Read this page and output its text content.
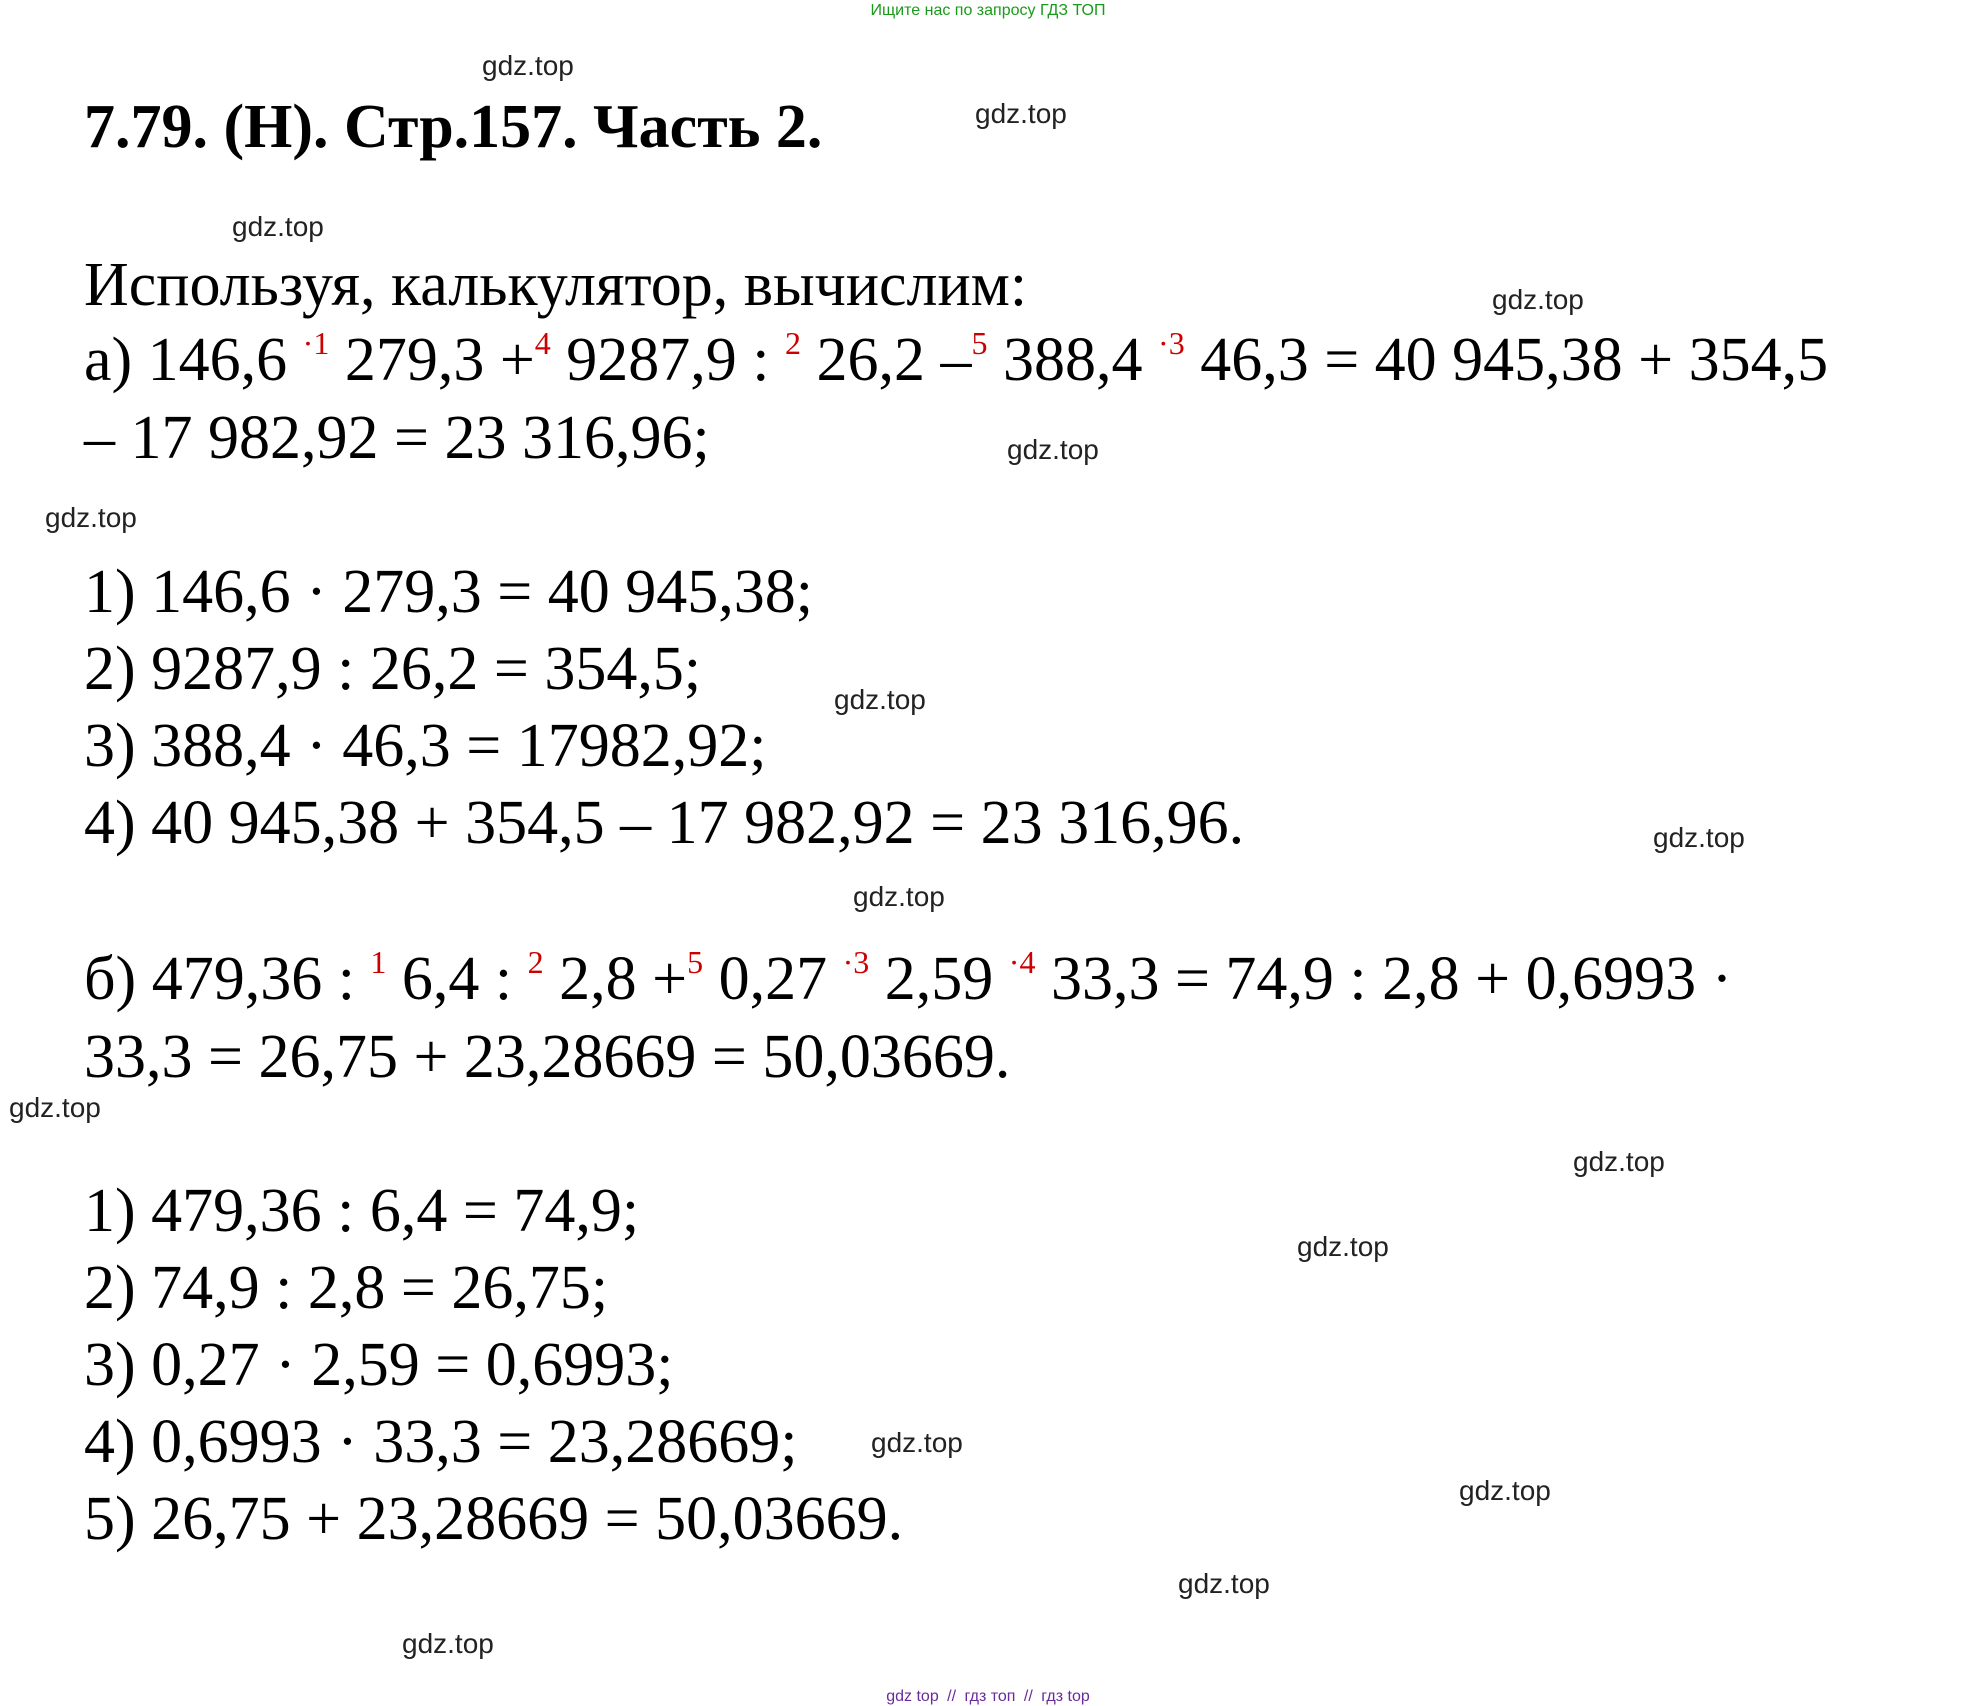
Ищите нас по запросу ГДЗ ТОП
7.79. (Н). Стр.157. Часть 2.
Используя, калькулятор, вычислим:
а) 146,6 $^{\cdot 1}$ 279,3 +$^4$ 9287,9 : $^2$ 26,2 –$^5$ 388,4 $^{\cdot 3}$ 46,3 = 40 945,38 + 354,5
– 17 982,92 = 23 316,96;
1) 146,6 · 279,3 = 40 945,38;
2) 9287,9 : 26,2 = 354,5;
3) 388,4 · 46,3 = 17982,92;
4) 40 945,38 + 354,5 – 17 982,92 = 23 316,96.
б) 479,36 : $^1$ 6,4 : $^2$ 2,8 +$^5$ 0,27 $^{\cdot 3}$ 2,59 $^{\cdot 4}$ 33,3 = 74,9 : 2,8 + 0,6993 ·
33,3 = 26,75 + 23,28669 = 50,03669.
1) 479,36 : 6,4 = 74,9;
2) 74,9 : 2,8 = 26,75;
3) 0,27 · 2,59 = 0,6993;
4) 0,6993 · 33,3 = 23,28669;
5) 26,75 + 23,28669 = 50,03669.
gdz.top
gdz.top
gdz.top
gdz.top
gdz.top
gdz.top
gdz.top
gdz.top
gdz.top
gdz.top
gdz.top
gdz.top
gdz.top
gdz.top
gdz.top
gdz.top
gdz top // гдз топ // гдз top
